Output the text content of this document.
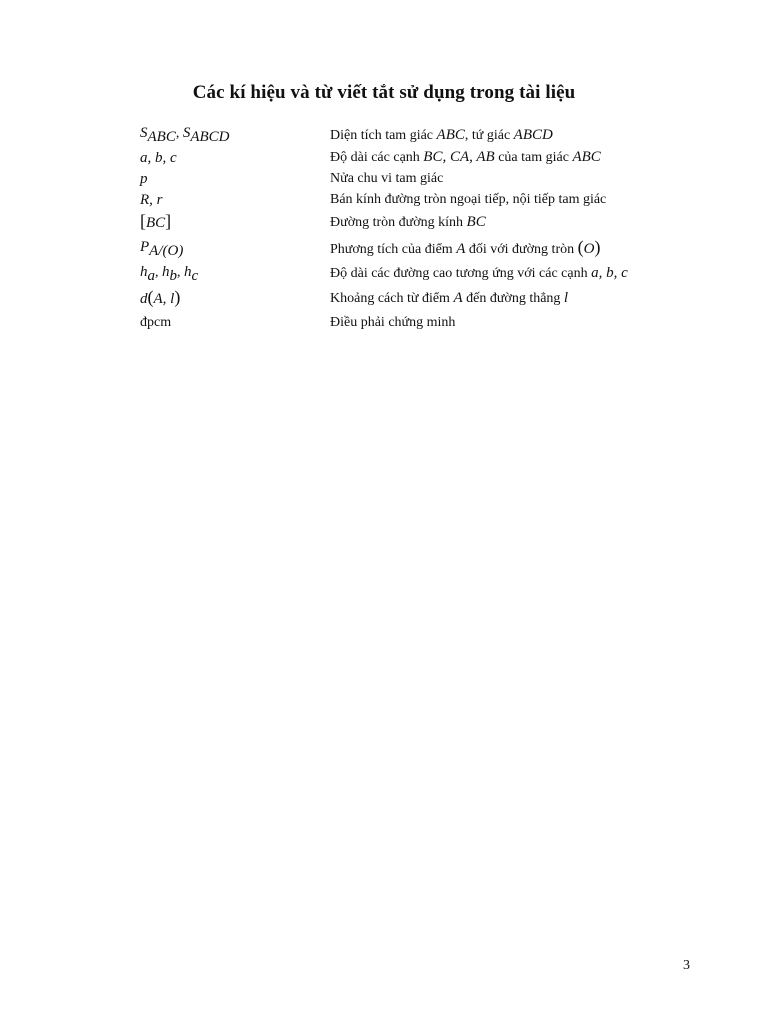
Các kí hiệu và từ viết tắt sử dụng trong tài liệu
$S_{ABC}$, $S_{ABCD}$	Diện tích tam giác ABC, tứ giác ABCD
a, b, c	Độ dài các cạnh BC, CA, AB của tam giác ABC
p	Nửa chu vi tam giác
R, r	Bán kính đường tròn ngoại tiếp, nội tiếp tam giác
[BC]	Đường tròn đường kính BC
$P_{A/(O)}$	Phương tích của điểm A đối với đường tròn (O)
$h_a$, $h_b$, $h_c$	Độ dài các đường cao tương ứng với các cạnh a, b, c
d(A, l)	Khoảng cách từ điểm A đến đường thẳng l
đpcm	Điều phải chứng minh
3
